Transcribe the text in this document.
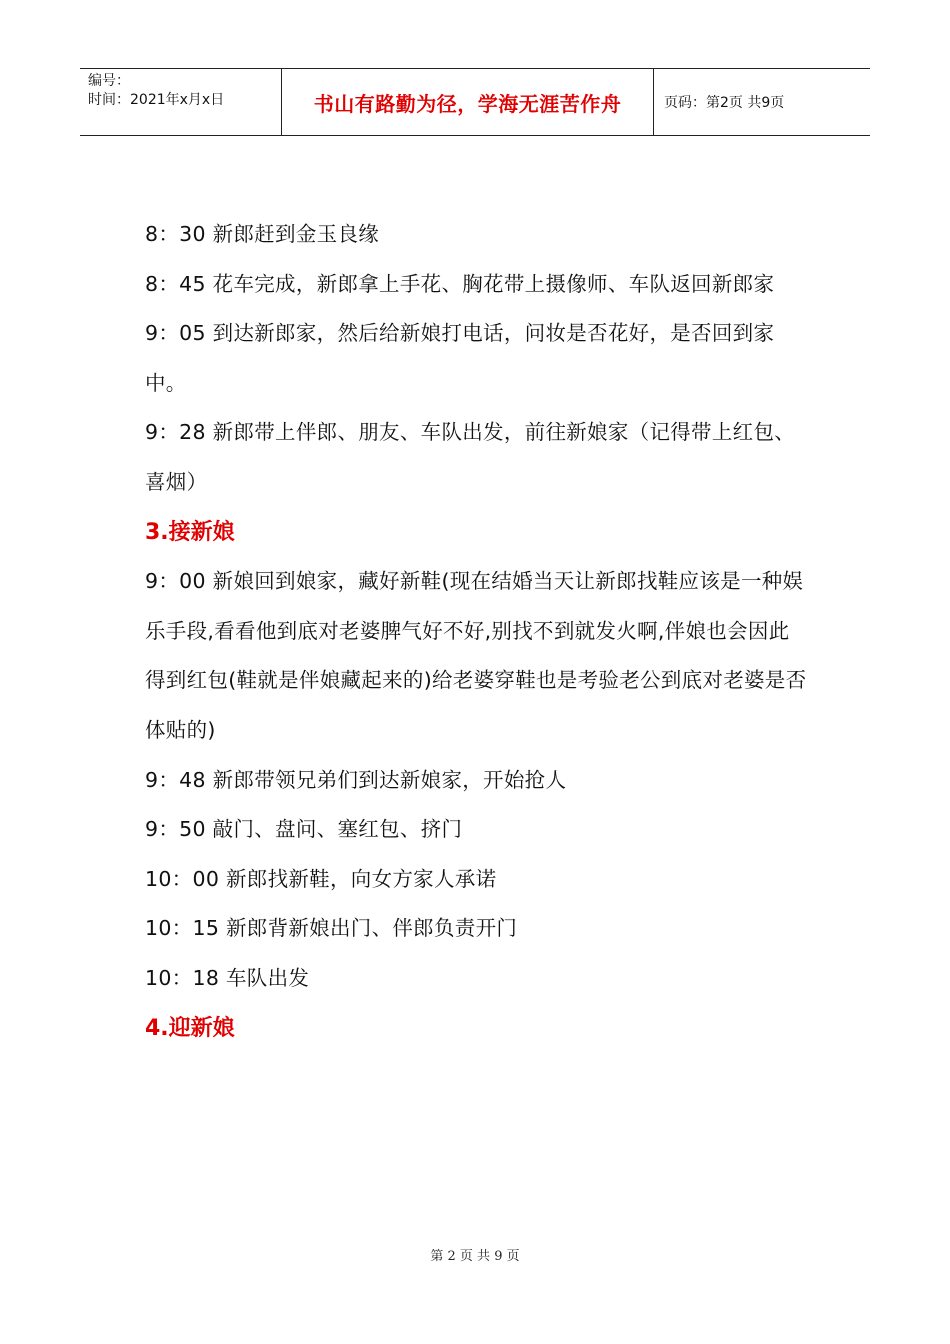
编号：
时间：2021年x月x日	书山有路勤为径，学海无涯苦作舟	页码：第2页 共9页

8：30 新郎赶到金玉良缘

8：45 花车完成，新郎拿上手花、胸花带上摄像师、车队返回新郎家

9：05 到达新郎家，然后给新娘打电话，问妆是否花好，是否回到家中。

9：28 新郎带上伴郎、朋友、车队出发，前往新娘家（记得带上红包、喜烟）

3.接新娘

9：00 新娘回到娘家，藏好新鞋(现在结婚当天让新郎找鞋应该是一种娱乐手段,看看他到底对老婆脾气好不好,别找不到就发火啊,伴娘也会因此得到红包(鞋就是伴娘藏起来的)给老婆穿鞋也是考验老公到底对老婆是否体贴的)

9：48 新郎带领兄弟们到达新娘家，开始抢人

9：50 敲门、盘问、塞红包、挤门

10：00 新郎找新鞋，向女方家人承诺

10：15 新郎背新娘出门、伴郎负责开门

10：18 车队出发

4.迎新娘
第 2 页 共 9 页
